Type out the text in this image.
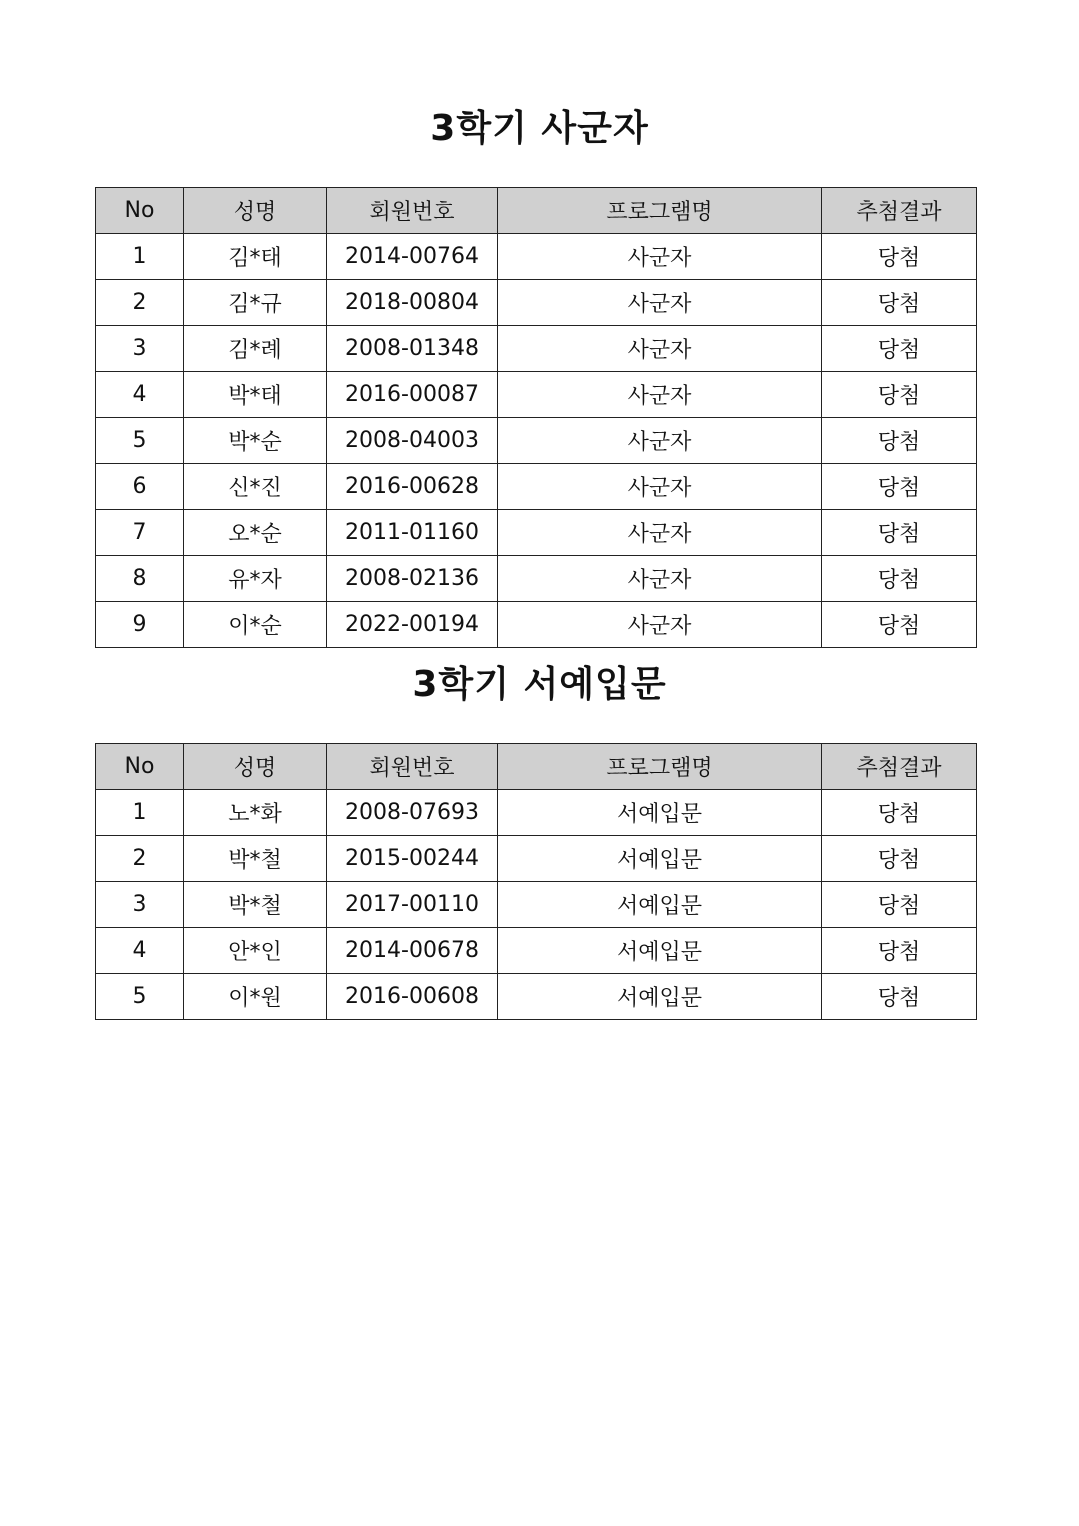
3학기 사군자
No	성명	회원번호	프로그램명	추첨결과
1	김*태	2014-00764	사군자	당첨
2	김*규	2018-00804	사군자	당첨
3	김*례	2008-01348	사군자	당첨
4	박*태	2016-00087	사군자	당첨
5	박*순	2008-04003	사군자	당첨
6	신*진	2016-00628	사군자	당첨
7	오*순	2011-01160	사군자	당첨
8	유*자	2008-02136	사군자	당첨
9	이*순	2022-00194	사군자	당첨
3학기 서예입문
No	성명	회원번호	프로그램명	추첨결과
1	노*화	2008-07693	서예입문	당첨
2	박*철	2015-00244	서예입문	당첨
3	박*철	2017-00110	서예입문	당첨
4	안*인	2014-00678	서예입문	당첨
5	이*원	2016-00608	서예입문	당첨
